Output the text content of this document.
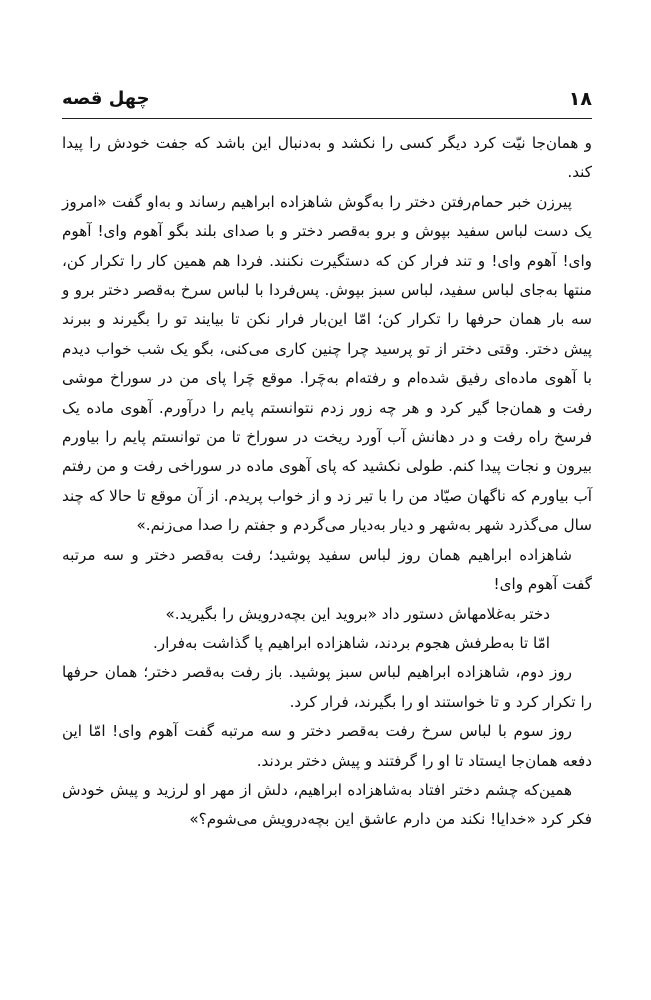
۱۸
چهل قصه

و همان‌جا نیّت کرد دیگر کسی را نکشد و به‌دنبال این باشد که جفت خودش را پیدا کند.

پیرزن خبر حمام‌رفتن دختر را به‌گوش شاهزاده ابراهیم رساند و به‌او گفت «امروز یک دست لباس سفید بپوش و برو به‌قصر دختر و با صدای بلند بگو آهوم وای! آهوم وای! آهوم وای! و تند فرار کن که دستگیرت نکنند. فردا هم همین کار را تکرار کن، منتها به‌جای لباس سفید، لباس سبز بپوش. پس‌فردا با لباس سرخ به‌قصر دختر برو و سه بار همان حرفها را تکرار کن؛ امّا این‌بار فرار نکن تا بیایند تو را بگیرند و ببرند پیش دختر. وقتی دختر از تو پرسید چرا چنین کاری می‌کنی، بگو یک شب خواب دیدم با آهوی ماده‌ای رفیق شده‌ام و رفته‌ام به‌چَرا. موقع چَرا پای من در سوراخ موشی رفت و همان‌جا گیر کرد و هر چه زور زدم نتوانستم پایم را درآورم. آهوی ماده یک فرسخ راه رفت و در دهانش آب آورد ریخت در سوراخ تا من توانستم پایم را بیاورم بیرون و نجات پیدا کنم. طولی نکشید که پای آهوی ماده در سوراخی رفت و من رفتم آب بیاورم که ناگهان صیّاد من را با تیر زد و از خواب پریدم. از آن موقع تا حالا که چند سال می‌گذرد شهر به‌شهر و دیار به‌دیار می‌گردم و جفتم را صدا می‌زنم.»

شاهزاده ابراهیم همان روز لباس سفید پوشید؛ رفت به‌قصر دختر و سه مرتبه گفت آهوم وای!

دختر به‌غلامهاش دستور داد «بروید این بچه‌درویش را بگیرید.»

امّا تا به‌طرفش هجوم بردند، شاهزاده ابراهیم پا گذاشت به‌فرار.

روز دوم، شاهزاده ابراهیم لباس سبز پوشید. باز رفت به‌قصر دختر؛ همان حرفها را تکرار کرد و تا خواستند او را بگیرند، فرار کرد.

روز سوم با لباس سرخ رفت به‌قصر دختر و سه مرتبه گفت آهوم وای! امّا این دفعه همان‌جا ایستاد تا او را گرفتند و پیش دختر بردند.

همین‌که چشم دختر افتاد به‌شاهزاده ابراهیم، دلش از مهر او لرزید و پیش خودش فکر کرد «خدایا! نکند من دارم عاشق این بچه‌درویش می‌شوم؟»
